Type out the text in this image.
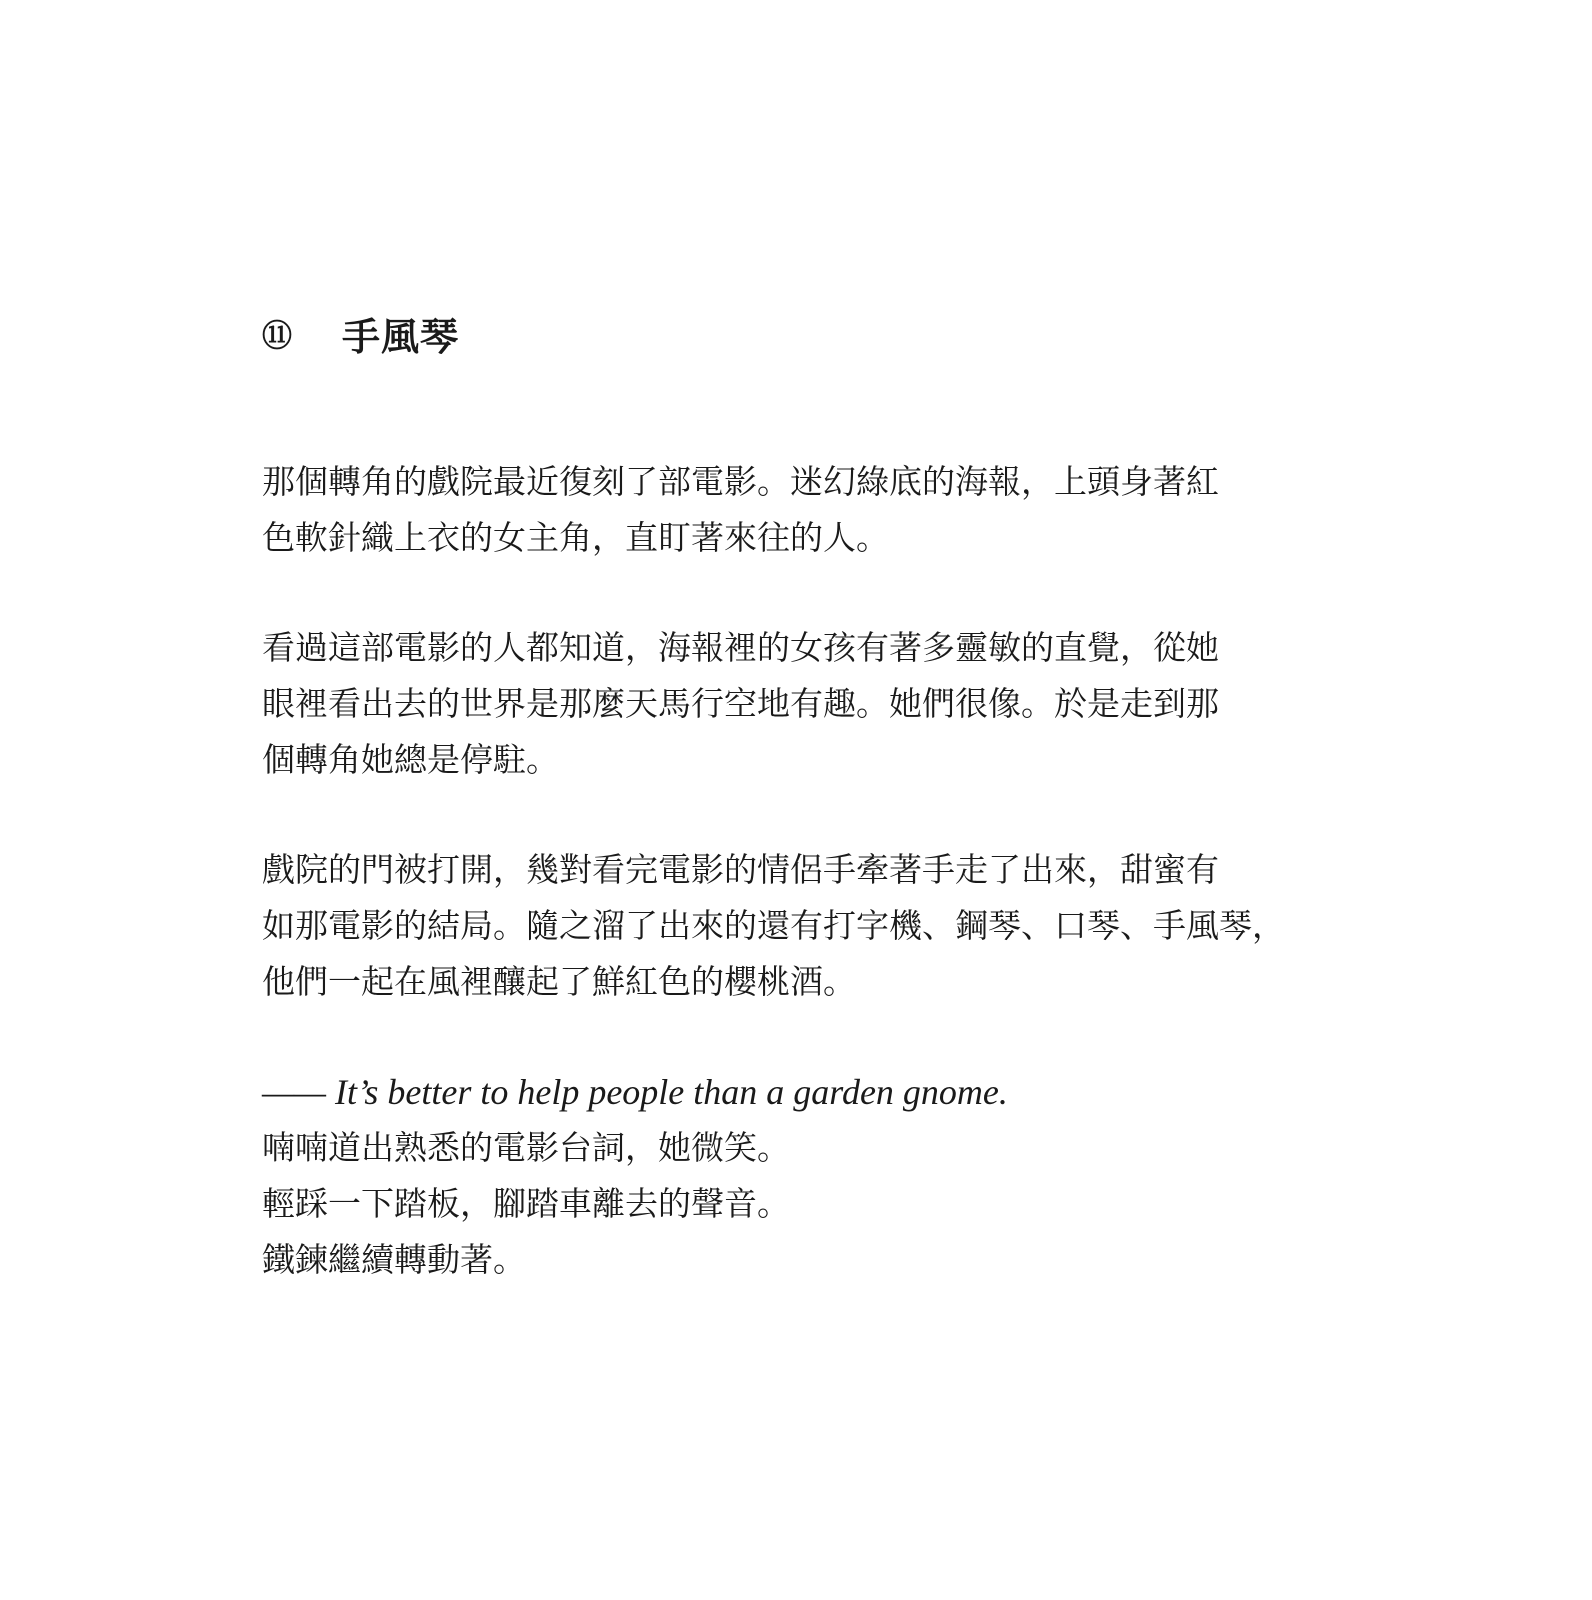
⑪	手風琴

那個轉角的戲院最近復刻了部電影。迷幻綠底的海報，上頭身著紅
色軟針織上衣的女主角，直盯著來往的人。

看過這部電影的人都知道，海報裡的女孩有著多靈敏的直覺，從她
眼裡看出去的世界是那麼天馬行空地有趣。她們很像。於是走到那
個轉角她總是停駐。

戲院的門被打開，幾對看完電影的情侶手牽著手走了出來，甜蜜有
如那電影的結局。隨之溜了出來的還有打字機、鋼琴、口琴、手風琴，
他們一起在風裡釀起了鮮紅色的櫻桃酒。

—— It’s better to help people than a garden gnome.
喃喃道出熟悉的電影台詞，她微笑。
輕踩一下踏板，腳踏車離去的聲音。
鐵鍊繼續轉動著。
